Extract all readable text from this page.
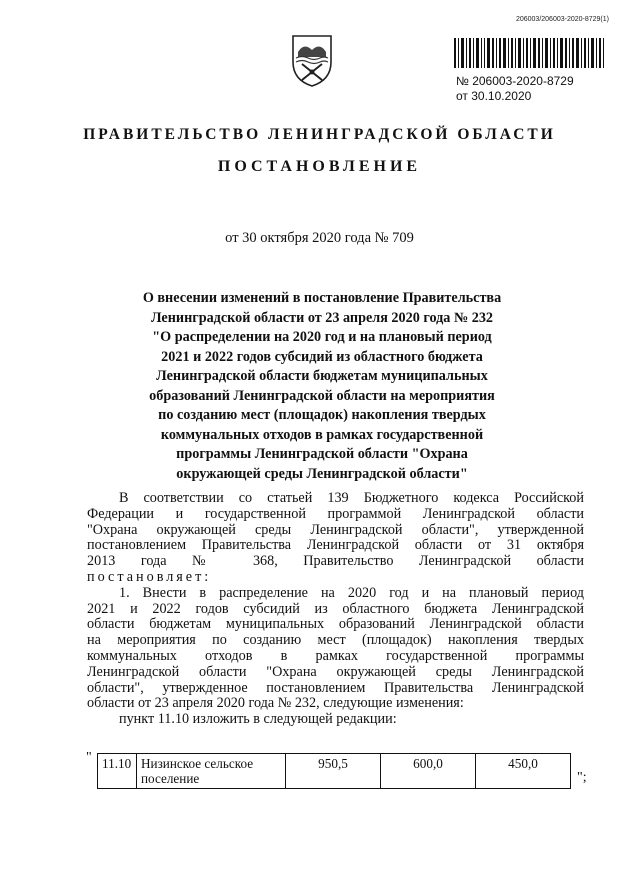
206003/206003-2020-8729(1)
№ 206003-2020-8729
от 30.10.2020
ПРАВИТЕЛЬСТВО ЛЕНИНГРАДСКОЙ ОБЛАСТИ
ПОСТАНОВЛЕНИЕ
от 30 октября 2020 года № 709
О внесении изменений в постановление Правительства
Ленинградской области от 23 апреля 2020 года № 232
"О распределении на 2020 год и на плановый период
2021 и 2022 годов субсидий из областного бюджета
Ленинградской области бюджетам муниципальных
образований Ленинградской области на мероприятия
по созданию мест (площадок) накопления твердых
коммунальных отходов в рамках государственной
программы Ленинградской области "Охрана
окружающей среды Ленинградской области"
В соответствии со статьей 139 Бюджетного кодекса Российской
Федерации и государственной программой Ленинградской области
"Охрана окружающей среды Ленинградской области", утвержденной
постановлением Правительства Ленинградской области от 31 октября
2013 года № 368, Правительство Ленинградской области
постановляет:
1. Внести в распределение на 2020 год и на плановый период
2021 и 2022 годов субсидий из областного бюджета Ленинградской
области бюджетам муниципальных образований Ленинградской области
на мероприятия по созданию мест (площадок) накопления твердых
коммунальных отходов в рамках государственной программы
Ленинградской области "Охрана окружающей среды Ленинградской
области", утвержденное постановлением Правительства Ленинградской
области от 23 апреля 2020 года № 232, следующие изменения:
пункт 11.10 изложить в следующей редакции:
" 11.10	Низинское сельское поселение	950,5	600,0	450,0
";
